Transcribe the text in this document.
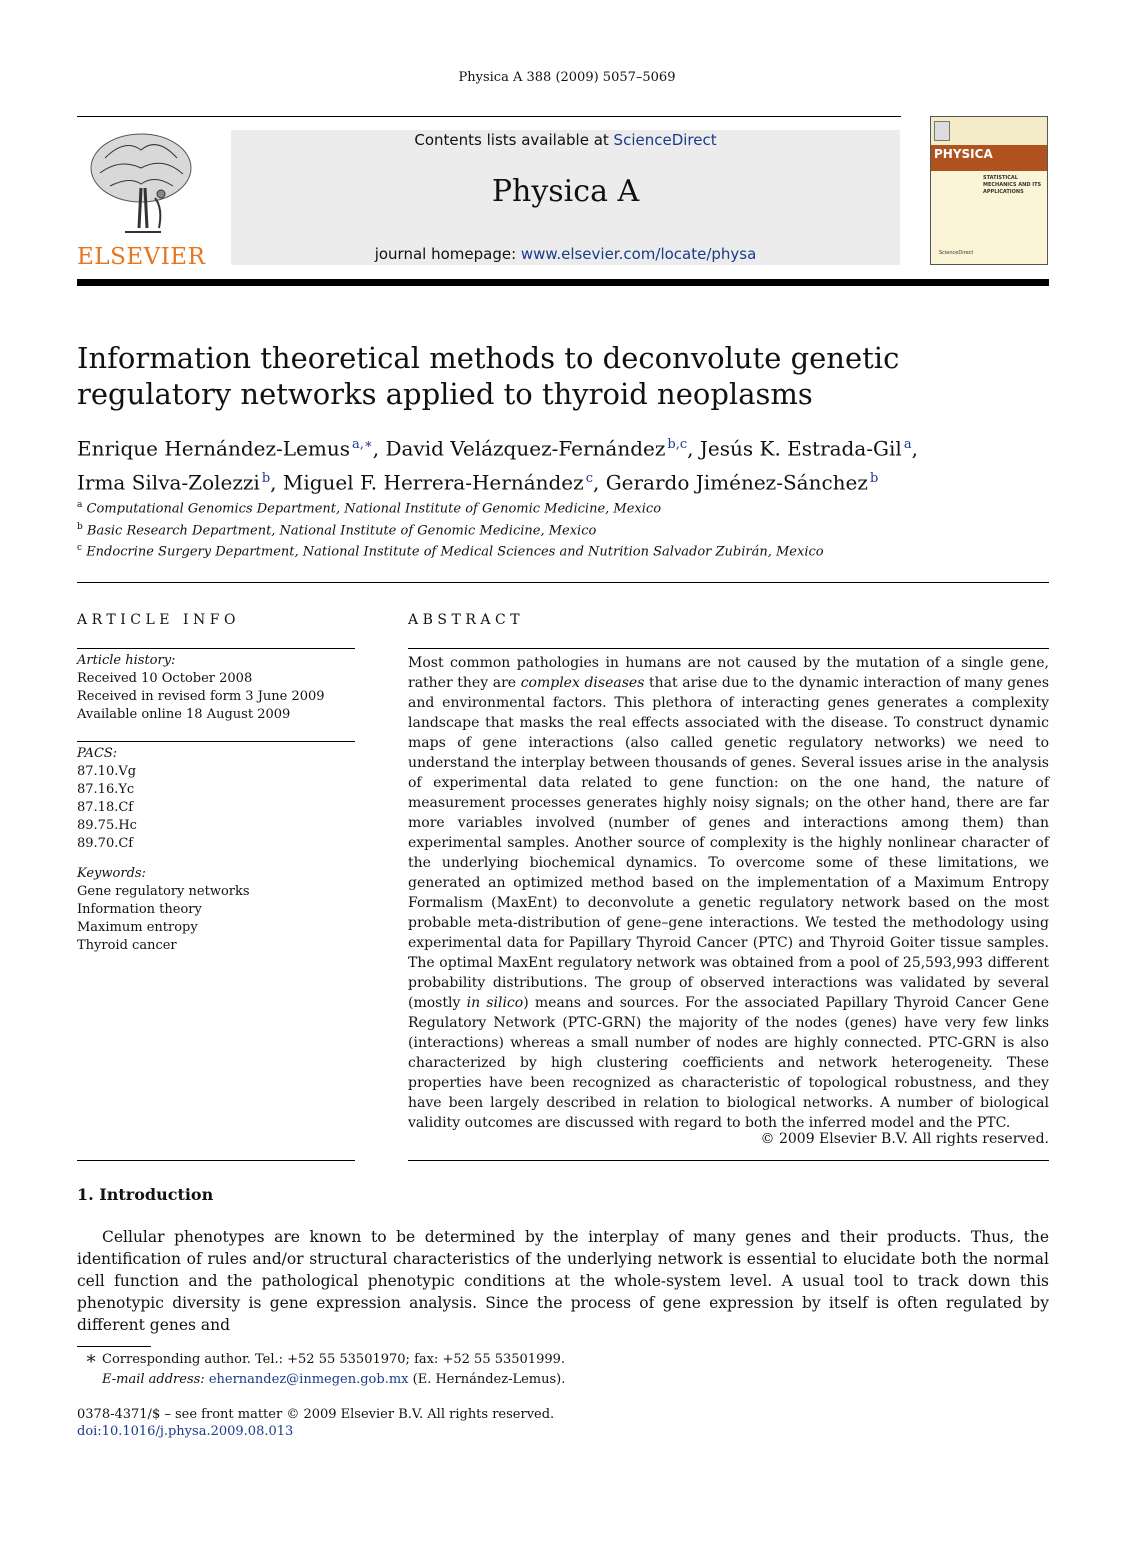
Physica A 388 (2009) 5057–5069
ELSEVIER
Contents lists available at ScienceDirect
Physica A
journal homepage: www.elsevier.com/locate/physa
PHYSICA
STATISTICAL MECHANICS AND ITS APPLICATIONS
ScienceDirect
Information theoretical methods to deconvolute genetic regulatory networks applied to thyroid neoplasms
Enrique Hernández-Lemus  $^{a,∗}$, David Velázquez-Fernández  $^{b,c}$, Jesús K. Estrada-Gil  $^a$,
Irma Silva-Zolezzi  $^b$, Miguel F. Herrera-Hernández  $^c$, Gerardo Jiménez-Sánchez  $^b$
$^a$ Computational Genomics Department, National Institute of Genomic Medicine, Mexico
$^b$ Basic Research Department, National Institute of Genomic Medicine, Mexico
$^c$ Endocrine Surgery Department, National Institute of Medical Sciences and Nutrition Salvador Zubirán, Mexico
ARTICLE INFO	ABSTRACT
Article history:
Received 10 October 2008
Received in revised form 3 June 2009
Available online 18 August 2009
PACS:
87.10.Vg
87.16.Yc
87.18.Cf
89.75.Hc
89.70.Cf
Keywords:
Gene regulatory networks
Information theory
Maximum entropy
Thyroid cancer
Most common pathologies in humans are not caused by the mutation of a single gene, rather they are complex diseases that arise due to the dynamic interaction of many genes and environmental factors. This plethora of interacting genes generates a complexity landscape that masks the real effects associated with the disease. To construct dynamic maps of gene interactions (also called genetic regulatory networks) we need to understand the interplay between thousands of genes. Several issues arise in the analysis of experimental data related to gene function: on the one hand, the nature of measurement processes generates highly noisy signals; on the other hand, there are far more variables involved (number of genes and interactions among them) than experimental samples. Another source of complexity is the highly nonlinear character of the underlying biochemical dynamics. To overcome some of these limitations, we generated an optimized method based on the implementation of a Maximum Entropy Formalism (MaxEnt) to deconvolute a genetic regulatory network based on the most probable meta-distribution of gene–gene interactions. We tested the methodology using experimental data for Papillary Thyroid Cancer (PTC) and Thyroid Goiter tissue samples. The optimal MaxEnt regulatory network was obtained from a pool of 25,593,993 different probability distributions. The group of observed interactions was validated by several (mostly in silico) means and sources. For the associated Papillary Thyroid Cancer Gene Regulatory Network (PTC-GRN) the majority of the nodes (genes) have very few links (interactions) whereas a small number of nodes are highly connected. PTC-GRN is also characterized by high clustering coefficients and network heterogeneity. These properties have been recognized as characteristic of topological robustness, and they have been largely described in relation to biological networks. A number of biological validity outcomes are discussed with regard to both the inferred model and the PTC.
© 2009 Elsevier B.V. All rights reserved.
1. Introduction
Cellular phenotypes are known to be determined by the interplay of many genes and their products. Thus, the identification of rules and/or structural characteristics of the underlying network is essential to elucidate both the normal cell function and the pathological phenotypic conditions at the whole-system level. A usual tool to track down this phenotypic diversity is gene expression analysis. Since the process of gene expression by itself is often regulated by different genes and
∗ Corresponding author. Tel.: +52 55 53501970; fax: +52 55 53501999.
E-mail address: ehernandez@inmegen.gob.mx (E. Hernández-Lemus).
0378-4371/$ – see front matter © 2009 Elsevier B.V. All rights reserved.
doi:10.1016/j.physa.2009.08.013
